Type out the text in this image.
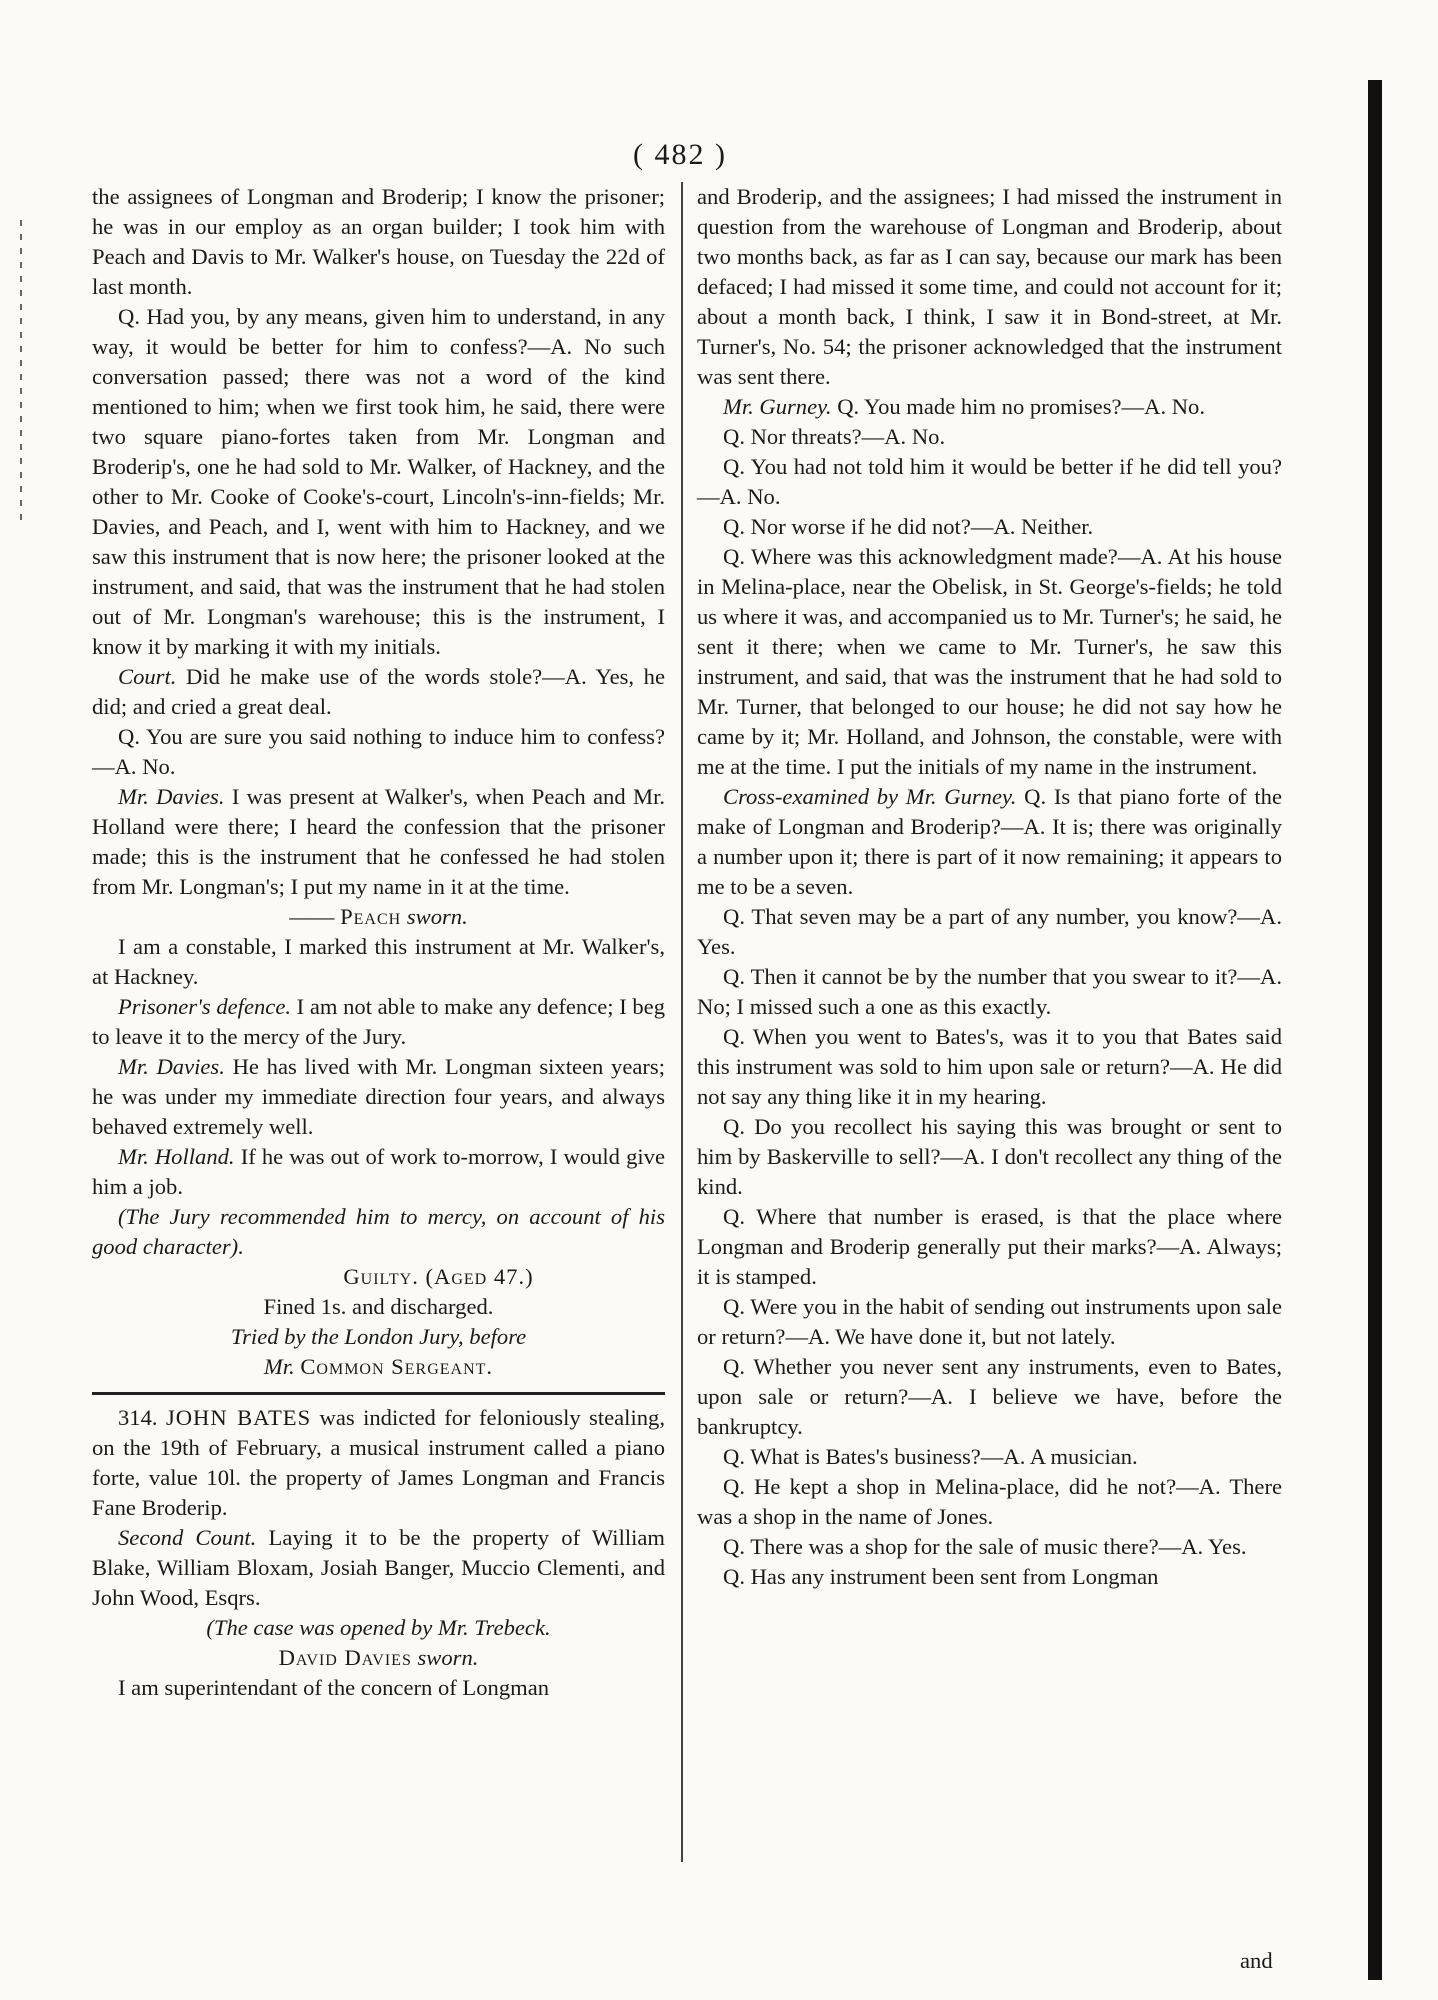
( 482 )

the assignees of Longman and Broderip; I know the prisoner; he was in our employ as an organ builder; I took him with Peach and Davis to Mr. Walker's house, on Tuesday the 22d of last month.

Q. Had you, by any means, given him to understand, in any way, it would be better for him to confess?—A. No such conversation passed; there was not a word of the kind mentioned to him; when we first took him, he said, there were two square piano-fortes taken from Mr. Longman and Broderip's, one he had sold to Mr. Walker, of Hackney, and the other to Mr. Cooke of Cooke's-court, Lincoln's-inn-fields; Mr. Davies, and Peach, and I, went with him to Hackney, and we saw this instrument that is now here; the prisoner looked at the instrument, and said, that was the instrument that he had stolen out of Mr. Longman's warehouse; this is the instrument, I know it by marking it with my initials.

Court. Did he make use of the words stole?—A. Yes, he did; and cried a great deal.

Q. You are sure you said nothing to induce him to confess?—A. No.

Mr. Davies. I was present at Walker's, when Peach and Mr. Holland were there; I heard the confession that the prisoner made; this is the instrument that he confessed he had stolen from Mr. Longman's; I put my name in it at the time.

—— Peach sworn.

I am a constable, I marked this instrument at Mr. Walker's, at Hackney.

Prisoner's defence. I am not able to make any defence; I beg to leave it to the mercy of the Jury.

Mr. Davies. He has lived with Mr. Longman sixteen years; he was under my immediate direction four years, and always behaved extremely well.

Mr. Holland. If he was out of work to-morrow, I would give him a job.

(The Jury recommended him to mercy, on account of his good character).

Guilty. (Aged 47.)

Fined 1s. and discharged.

Tried by the London Jury, before

Mr. Common Sergeant.

314. JOHN BATES was indicted for feloniously stealing, on the 19th of February, a musical instrument called a piano forte, value 10l. the property of James Longman and Francis Fane Broderip.

Second Count. Laying it to be the property of William Blake, William Bloxam, Josiah Banger, Muccio Clementi, and John Wood, Esqrs.

(The case was opened by Mr. Trebeck.

David Davies sworn.

I am superintendant of the concern of Longman

and Broderip, and the assignees; I had missed the instrument in question from the warehouse of Longman and Broderip, about two months back, as far as I can say, because our mark has been defaced; I had missed it some time, and could not account for it; about a month back, I think, I saw it in Bond-street, at Mr. Turner's, No. 54; the prisoner acknowledged that the instrument was sent there.

Mr. Gurney. Q. You made him no promises?—A. No.

Q. Nor threats?—A. No.

Q. You had not told him it would be better if he did tell you?—A. No.

Q. Nor worse if he did not?—A. Neither.

Q. Where was this acknowledgment made?—A. At his house in Melina-place, near the Obelisk, in St. George's-fields; he told us where it was, and accompanied us to Mr. Turner's; he said, he sent it there; when we came to Mr. Turner's, he saw this instrument, and said, that was the instrument that he had sold to Mr. Turner, that belonged to our house; he did not say how he came by it; Mr. Holland, and Johnson, the constable, were with me at the time. I put the initials of my name in the instrument.

Cross-examined by Mr. Gurney. Q. Is that piano forte of the make of Longman and Broderip?—A. It is; there was originally a number upon it; there is part of it now remaining; it appears to me to be a seven.

Q. That seven may be a part of any number, you know?—A. Yes.

Q. Then it cannot be by the number that you swear to it?—A. No; I missed such a one as this exactly.

Q. When you went to Bates's, was it to you that Bates said this instrument was sold to him upon sale or return?—A. He did not say any thing like it in my hearing.

Q. Do you recollect his saying this was brought or sent to him by Baskerville to sell?—A. I don't recollect any thing of the kind.

Q. Where that number is erased, is that the place where Longman and Broderip generally put their marks?—A. Always; it is stamped.

Q. Were you in the habit of sending out instruments upon sale or return?—A. We have done it, but not lately.

Q. Whether you never sent any instruments, even to Bates, upon sale or return?—A. I believe we have, before the bankruptcy.

Q. What is Bates's business?—A. A musician.

Q. He kept a shop in Melina-place, did he not?—A. There was a shop in the name of Jones.

Q. There was a shop for the sale of music there?—A. Yes.

Q. Has any instrument been sent from Longman

and
